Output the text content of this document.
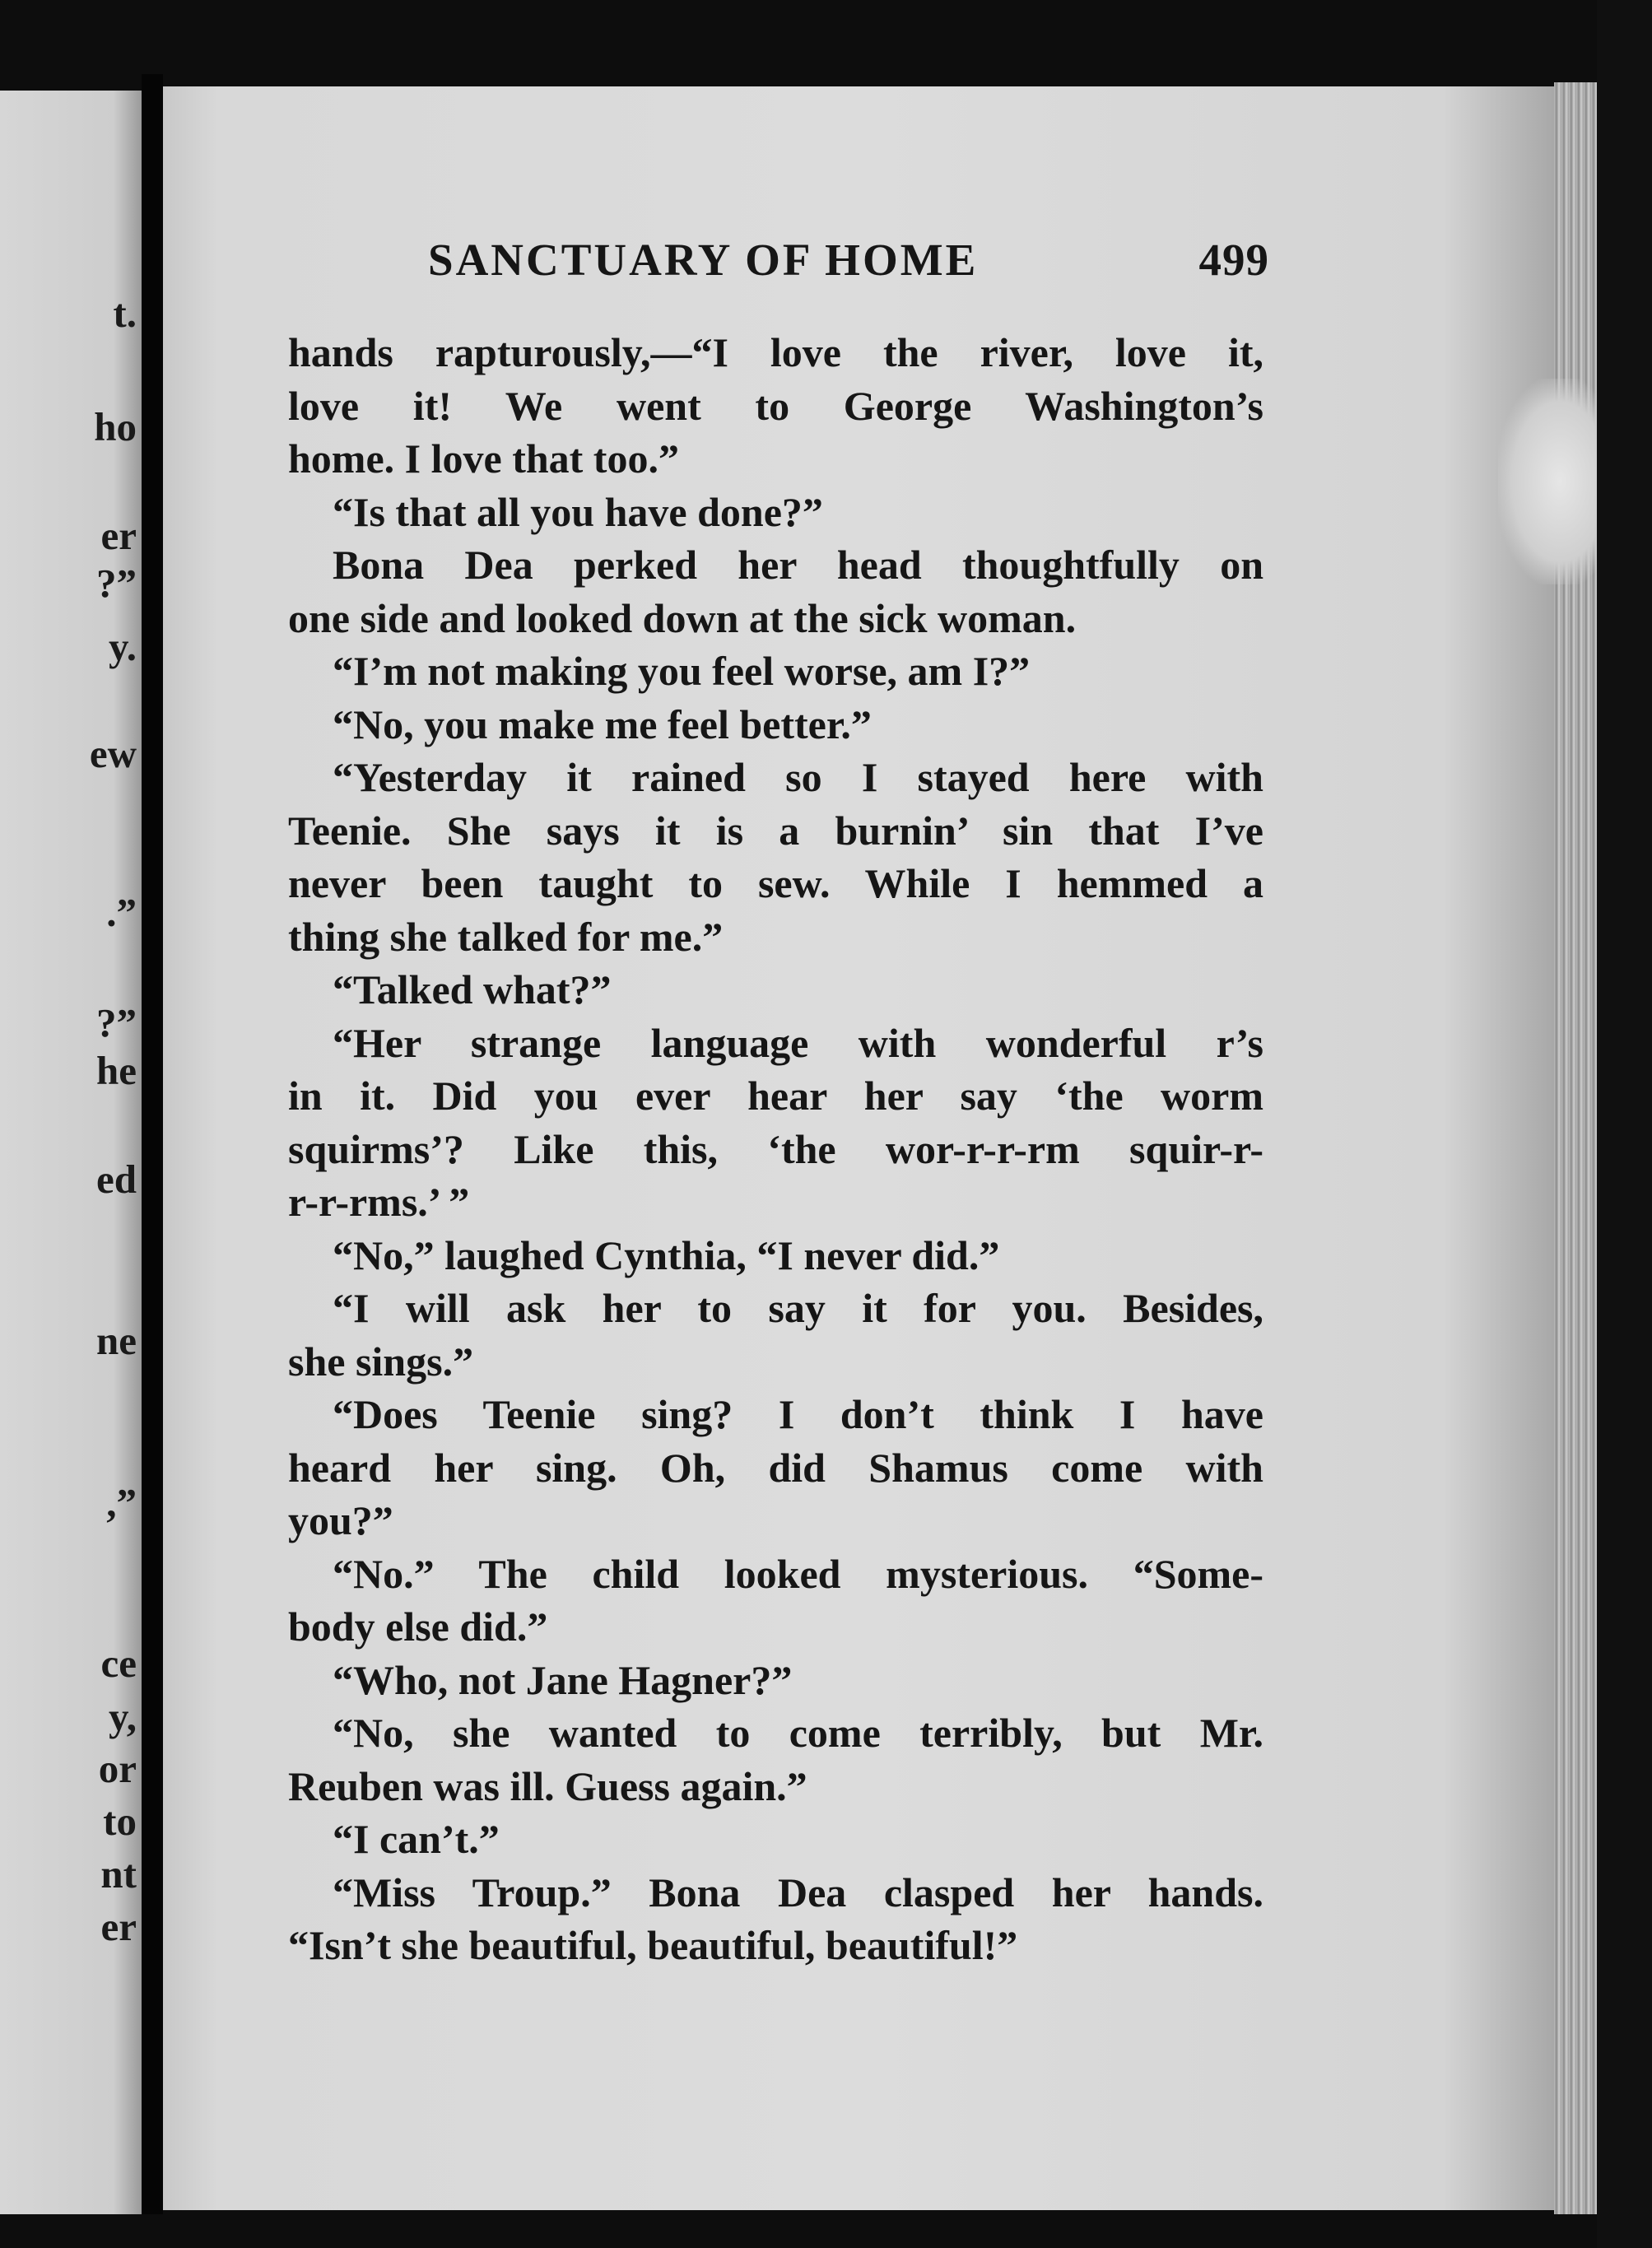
t.
ho
er
?”
y.
ew
.”
?”
he
ed
ne
,”
ce
y,
or
to
nt
er
SANCTUARY OF HOME	499
hands rapturously,—“I love the river, love it,
love it! We went to George Washington’s
home. I love that too.”
“Is that all you have done?”
Bona Dea perked her head thoughtfully on
one side and looked down at the sick woman.
“I’m not making you feel worse, am I?”
“No, you make me feel better.”
“Yesterday it rained so I stayed here with
Teenie. She says it is a burnin’ sin that I’ve
never been taught to sew. While I hemmed a
thing she talked for me.”
“Talked what?”
“Her strange language with wonderful r’s
in it. Did you ever hear her say ‘the worm
squirms’? Like this, ‘the wor-r-r-rm squir-r-
r-r-rms.’ ”
“No,” laughed Cynthia, “I never did.”
“I will ask her to say it for you. Besides,
she sings.”
“Does Teenie sing? I don’t think I have
heard her sing. Oh, did Shamus come with
you?”
“No.” The child looked mysterious. “Some-
body else did.”
“Who, not Jane Hagner?”
“No, she wanted to come terribly, but Mr.
Reuben was ill. Guess again.”
“I can’t.”
“Miss Troup.” Bona Dea clasped her hands.
“Isn’t she beautiful, beautiful, beautiful!”
